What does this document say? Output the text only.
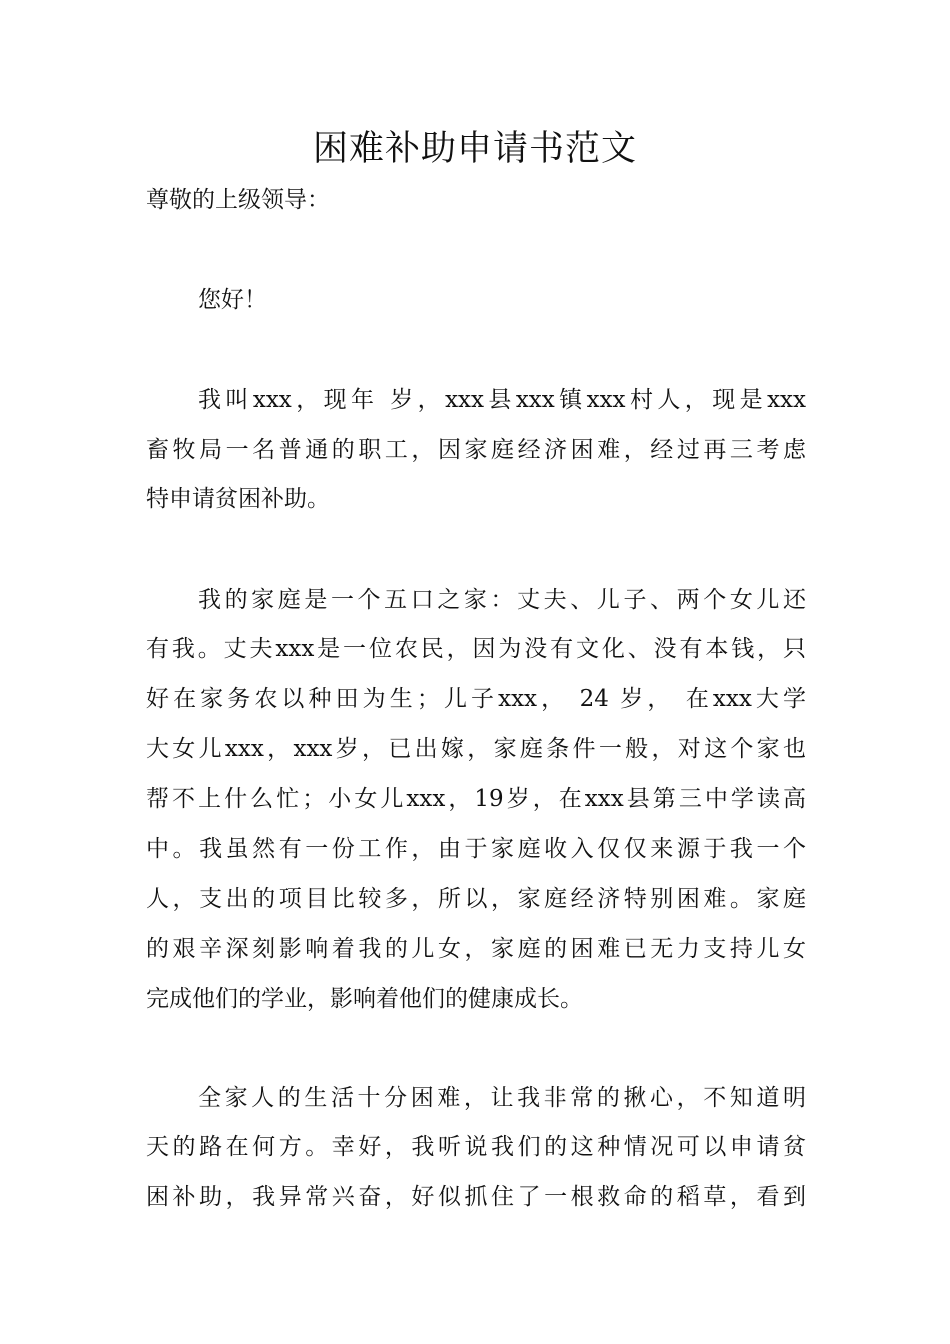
困难补助申请书范文

尊敬的上级领导：

您好！

我叫xxx，现年 岁，xxx县xxx镇xxx村人，现是xxx

畜牧局一名普通的职工，因家庭经济困难，经过再三考虑

特申请贫困补助。

我的家庭是一个五口之家：丈夫、儿子、两个女儿还

有我。丈夫xxx是一位农民，因为没有文化、没有本钱，只

好在家务农以种田为生；儿子xxx， 24 岁， 在xxx大学

大女儿xxx，xxx岁，已出嫁，家庭条件一般，对这个家也

帮不上什么忙；小女儿xxx，19岁，在xxx县第三中学读高

中。我虽然有一份工作，由于家庭收入仅仅来源于我一个

人，支出的项目比较多，所以，家庭经济特别困难。家庭

的艰辛深刻影响着我的儿女，家庭的困难已无力支持儿女

完成他们的学业，影响着他们的健康成长。

全家人的生活十分困难，让我非常的揪心，不知道明

天的路在何方。幸好，我听说我们的这种情况可以申请贫

困补助，我异常兴奋，好似抓住了一根救命的稻草，看到
